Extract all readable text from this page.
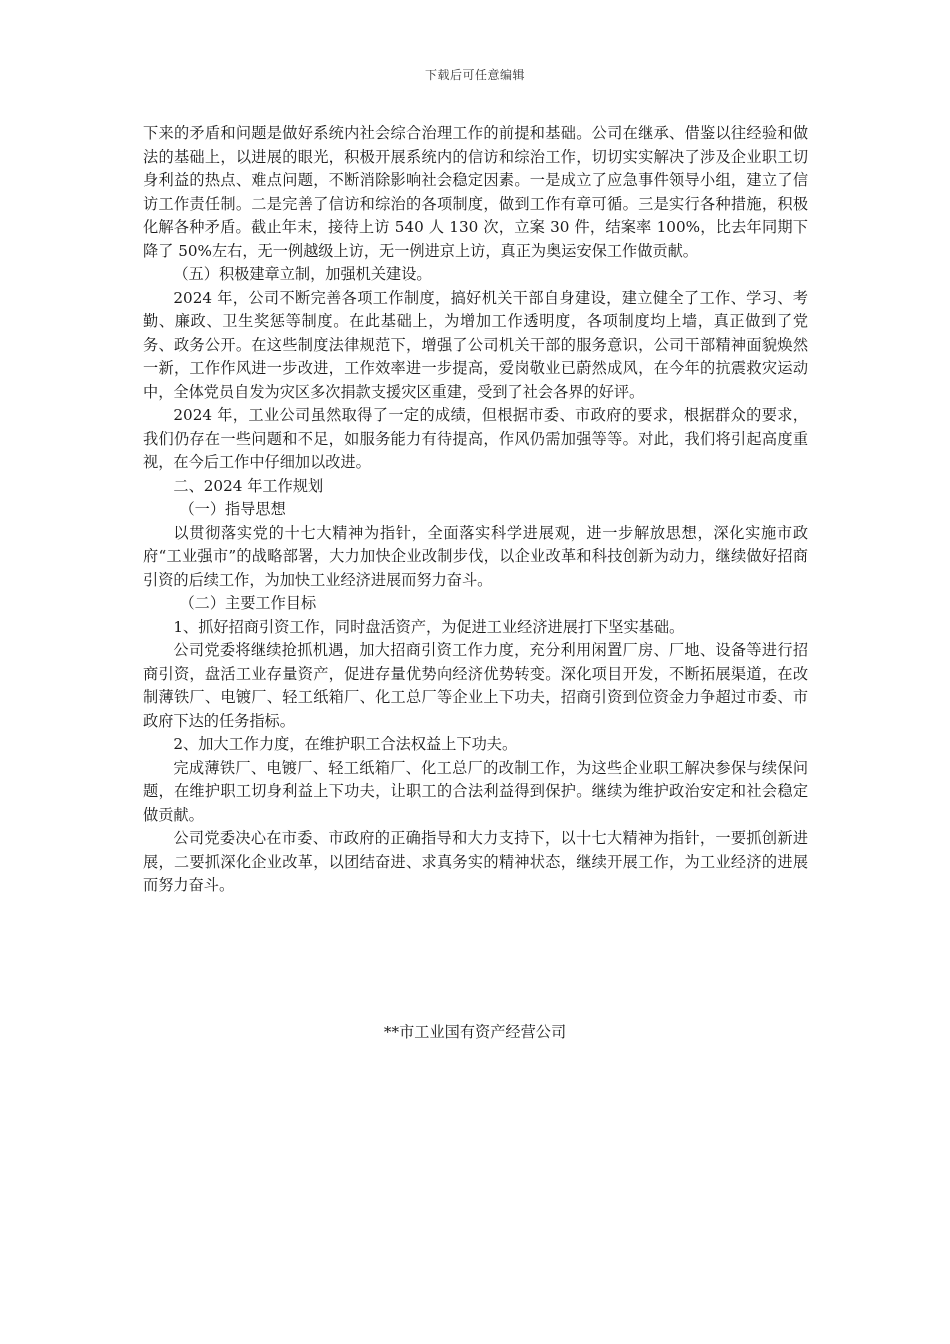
下载后可任意编辑

下来的矛盾和问题是做好系统内社会综合治理工作的前提和基础。公司在继承、借鉴以往经验和做法的基础上，以进展的眼光，积极开展系统内的信访和综治工作，切切实实解决了涉及企业职工切身利益的热点、难点问题，不断消除影响社会稳定因素。一是成立了应急事件领导小组，建立了信访工作责任制。二是完善了信访和综治的各项制度，做到工作有章可循。三是实行各种措施，积极化解各种矛盾。截止年末，接待上访 540 人 130 次，立案 30 件，结案率 100%，比去年同期下降了 50%左右，无一例越级上访，无一例进京上访，真正为奥运安保工作做贡献。

（五）积极建章立制，加强机关建设。

2024 年，公司不断完善各项工作制度，搞好机关干部自身建设，建立健全了工作、学习、考勤、廉政、卫生奖惩等制度。在此基础上，为增加工作透明度，各项制度均上墙，真正做到了党务、政务公开。在这些制度法律规范下，增强了公司机关干部的服务意识，公司干部精神面貌焕然一新，工作作风进一步改进，工作效率进一步提高，爱岗敬业已蔚然成风，在今年的抗震救灾运动中，全体党员自发为灾区多次捐款支援灾区重建，受到了社会各界的好评。

2024 年，工业公司虽然取得了一定的成绩，但根据市委、市政府的要求，根据群众的要求，我们仍存在一些问题和不足，如服务能力有待提高，作风仍需加强等等。对此，我们将引起高度重视，在今后工作中仔细加以改进。

二、2024 年工作规划

（一）指导思想

以贯彻落实党的十七大精神为指针，全面落实科学进展观，进一步解放思想，深化实施市政府“工业强市”的战略部署，大力加快企业改制步伐，以企业改革和科技创新为动力，继续做好招商引资的后续工作，为加快工业经济进展而努力奋斗。

（二）主要工作目标

1、抓好招商引资工作，同时盘活资产，为促进工业经济进展打下坚实基础。

公司党委将继续抢抓机遇，加大招商引资工作力度，充分利用闲置厂房、厂地、设备等进行招商引资，盘活工业存量资产，促进存量优势向经济优势转变。深化项目开发，不断拓展渠道，在改制薄铁厂、电镀厂、轻工纸箱厂、化工总厂等企业上下功夫，招商引资到位资金力争超过市委、市政府下达的任务指标。

2、加大工作力度，在维护职工合法权益上下功夫。

完成薄铁厂、电镀厂、轻工纸箱厂、化工总厂的改制工作，为这些企业职工解决参保与续保问题，在维护职工切身利益上下功夫，让职工的合法利益得到保护。继续为维护政治安定和社会稳定做贡献。

公司党委决心在市委、市政府的正确指导和大力支持下，以十七大精神为指针，一要抓创新进展，二要抓深化企业改革，以团结奋进、求真务实的精神状态，继续开展工作，为工业经济的进展而努力奋斗。

**市工业国有资产经营公司
